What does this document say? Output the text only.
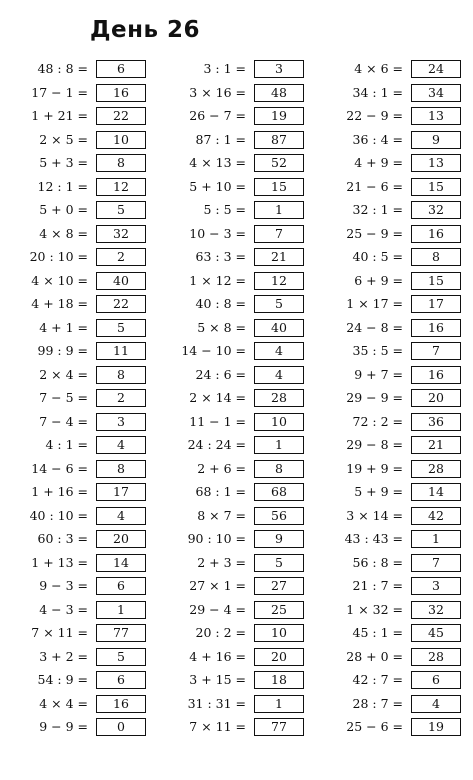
День 26
48 : 8 =	6
17 − 1 =	16
1 + 21 =	22
2 × 5 =	10
5 + 3 =	8
12 : 1 =	12
5 + 0 =	5
4 × 8 =	32
20 : 10 =	2
4 × 10 =	40
4 + 18 =	22
4 + 1 =	5
99 : 9 =	11
2 × 4 =	8
7 − 5 =	2
7 − 4 =	3
4 : 1 =	4
14 − 6 =	8
1 + 16 =	17
40 : 10 =	4
60 : 3 =	20
1 + 13 =	14
9 − 3 =	6
4 − 3 =	1
7 × 11 =	77
3 + 2 =	5
54 : 9 =	6
4 × 4 =	16
9 − 9 =	0
3 : 1 =	3
3 × 16 =	48
26 − 7 =	19
87 : 1 =	87
4 × 13 =	52
5 + 10 =	15
5 : 5 =	1
10 − 3 =	7
63 : 3 =	21
1 × 12 =	12
40 : 8 =	5
5 × 8 =	40
14 − 10 =	4
24 : 6 =	4
2 × 14 =	28
11 − 1 =	10
24 : 24 =	1
2 + 6 =	8
68 : 1 =	68
8 × 7 =	56
90 : 10 =	9
2 + 3 =	5
27 × 1 =	27
29 − 4 =	25
20 : 2 =	10
4 + 16 =	20
3 + 15 =	18
31 : 31 =	1
7 × 11 =	77
4 × 6 =	24
34 : 1 =	34
22 − 9 =	13
36 : 4 =	9
4 + 9 =	13
21 − 6 =	15
32 : 1 =	32
25 − 9 =	16
40 : 5 =	8
6 + 9 =	15
1 × 17 =	17
24 − 8 =	16
35 : 5 =	7
9 + 7 =	16
29 − 9 =	20
72 : 2 =	36
29 − 8 =	21
19 + 9 =	28
5 + 9 =	14
3 × 14 =	42
43 : 43 =	1
56 : 8 =	7
21 : 7 =	3
1 × 32 =	32
45 : 1 =	45
28 + 0 =	28
42 : 7 =	6
28 : 7 =	4
25 − 6 =	19
